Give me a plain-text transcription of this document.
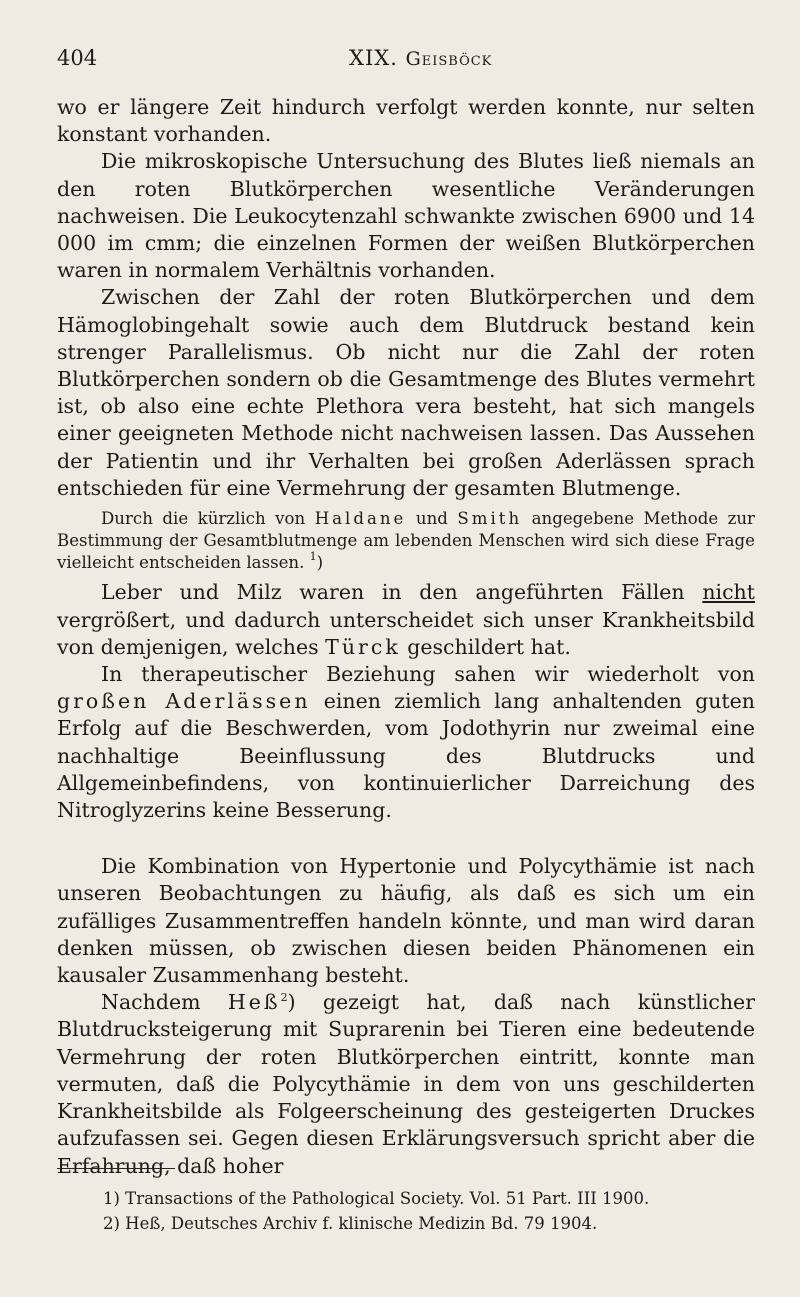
404	XIX. Geisböck

wo er längere Zeit hindurch verfolgt werden konnte, nur selten konstant vorhanden.

Die mikroskopische Untersuchung des Blutes ließ niemals an den roten Blutkörperchen wesentliche Veränderungen nachweisen. Die Leukocytenzahl schwankte zwischen 6900 und 14 000 im cmm; die einzelnen Formen der weißen Blutkörperchen waren in normalem Verhältnis vorhanden.

Zwischen der Zahl der roten Blutkörperchen und dem Hämoglobingehalt sowie auch dem Blutdruck bestand kein strenger Parallelismus. Ob nicht nur die Zahl der roten Blutkörperchen sondern ob die Gesamtmenge des Blutes vermehrt ist, ob also eine echte Plethora vera besteht, hat sich mangels einer geeigneten Methode nicht nachweisen lassen. Das Aussehen der Patientin und ihr Verhalten bei großen Aderlässen sprach entschieden für eine Vermehrung der gesamten Blutmenge.

Durch die kürzlich von Haldane und Smith angegebene Methode zur Bestimmung der Gesamtblutmenge am lebenden Menschen wird sich diese Frage vielleicht entscheiden lassen. $^1$)

Leber und Milz waren in den angeführten Fällen nicht vergrößert, und dadurch unterscheidet sich unser Krankheitsbild von demjenigen, welches Türck geschildert hat.

In therapeutischer Beziehung sahen wir wiederholt von großen Aderlässen einen ziemlich lang anhaltenden guten Erfolg auf die Beschwerden, vom Jodothyrin nur zweimal eine nachhaltige Beeinflussung des Blutdrucks und Allgemeinbefindens, von kontinuierlicher Darreichung des Nitroglyzerins keine Besserung.

Die Kombination von Hypertonie und Polycythämie ist nach unseren Beobachtungen zu häufig, als daß es sich um ein zufälliges Zusammentreffen handeln könnte, und man wird daran denken müssen, ob zwischen diesen beiden Phänomenen ein kausaler Zusammenhang besteht.

Nachdem Heß$^2$) gezeigt hat, daß nach künstlicher Blutdrucksteigerung mit Suprarenin bei Tieren eine bedeutende Vermehrung der roten Blutkörperchen eintritt, konnte man vermuten, daß die Polycythämie in dem von uns geschilderten Krankheitsbilde als Folgeerscheinung des gesteigerten Druckes aufzufassen sei. Gegen diesen Erklärungsversuch spricht aber die Erfahrung, daß hoher

1) Transactions of the Pathological Society. Vol. 51 Part. III 1900.
2) Heß, Deutsches Archiv f. klinische Medizin Bd. 79 1904.
